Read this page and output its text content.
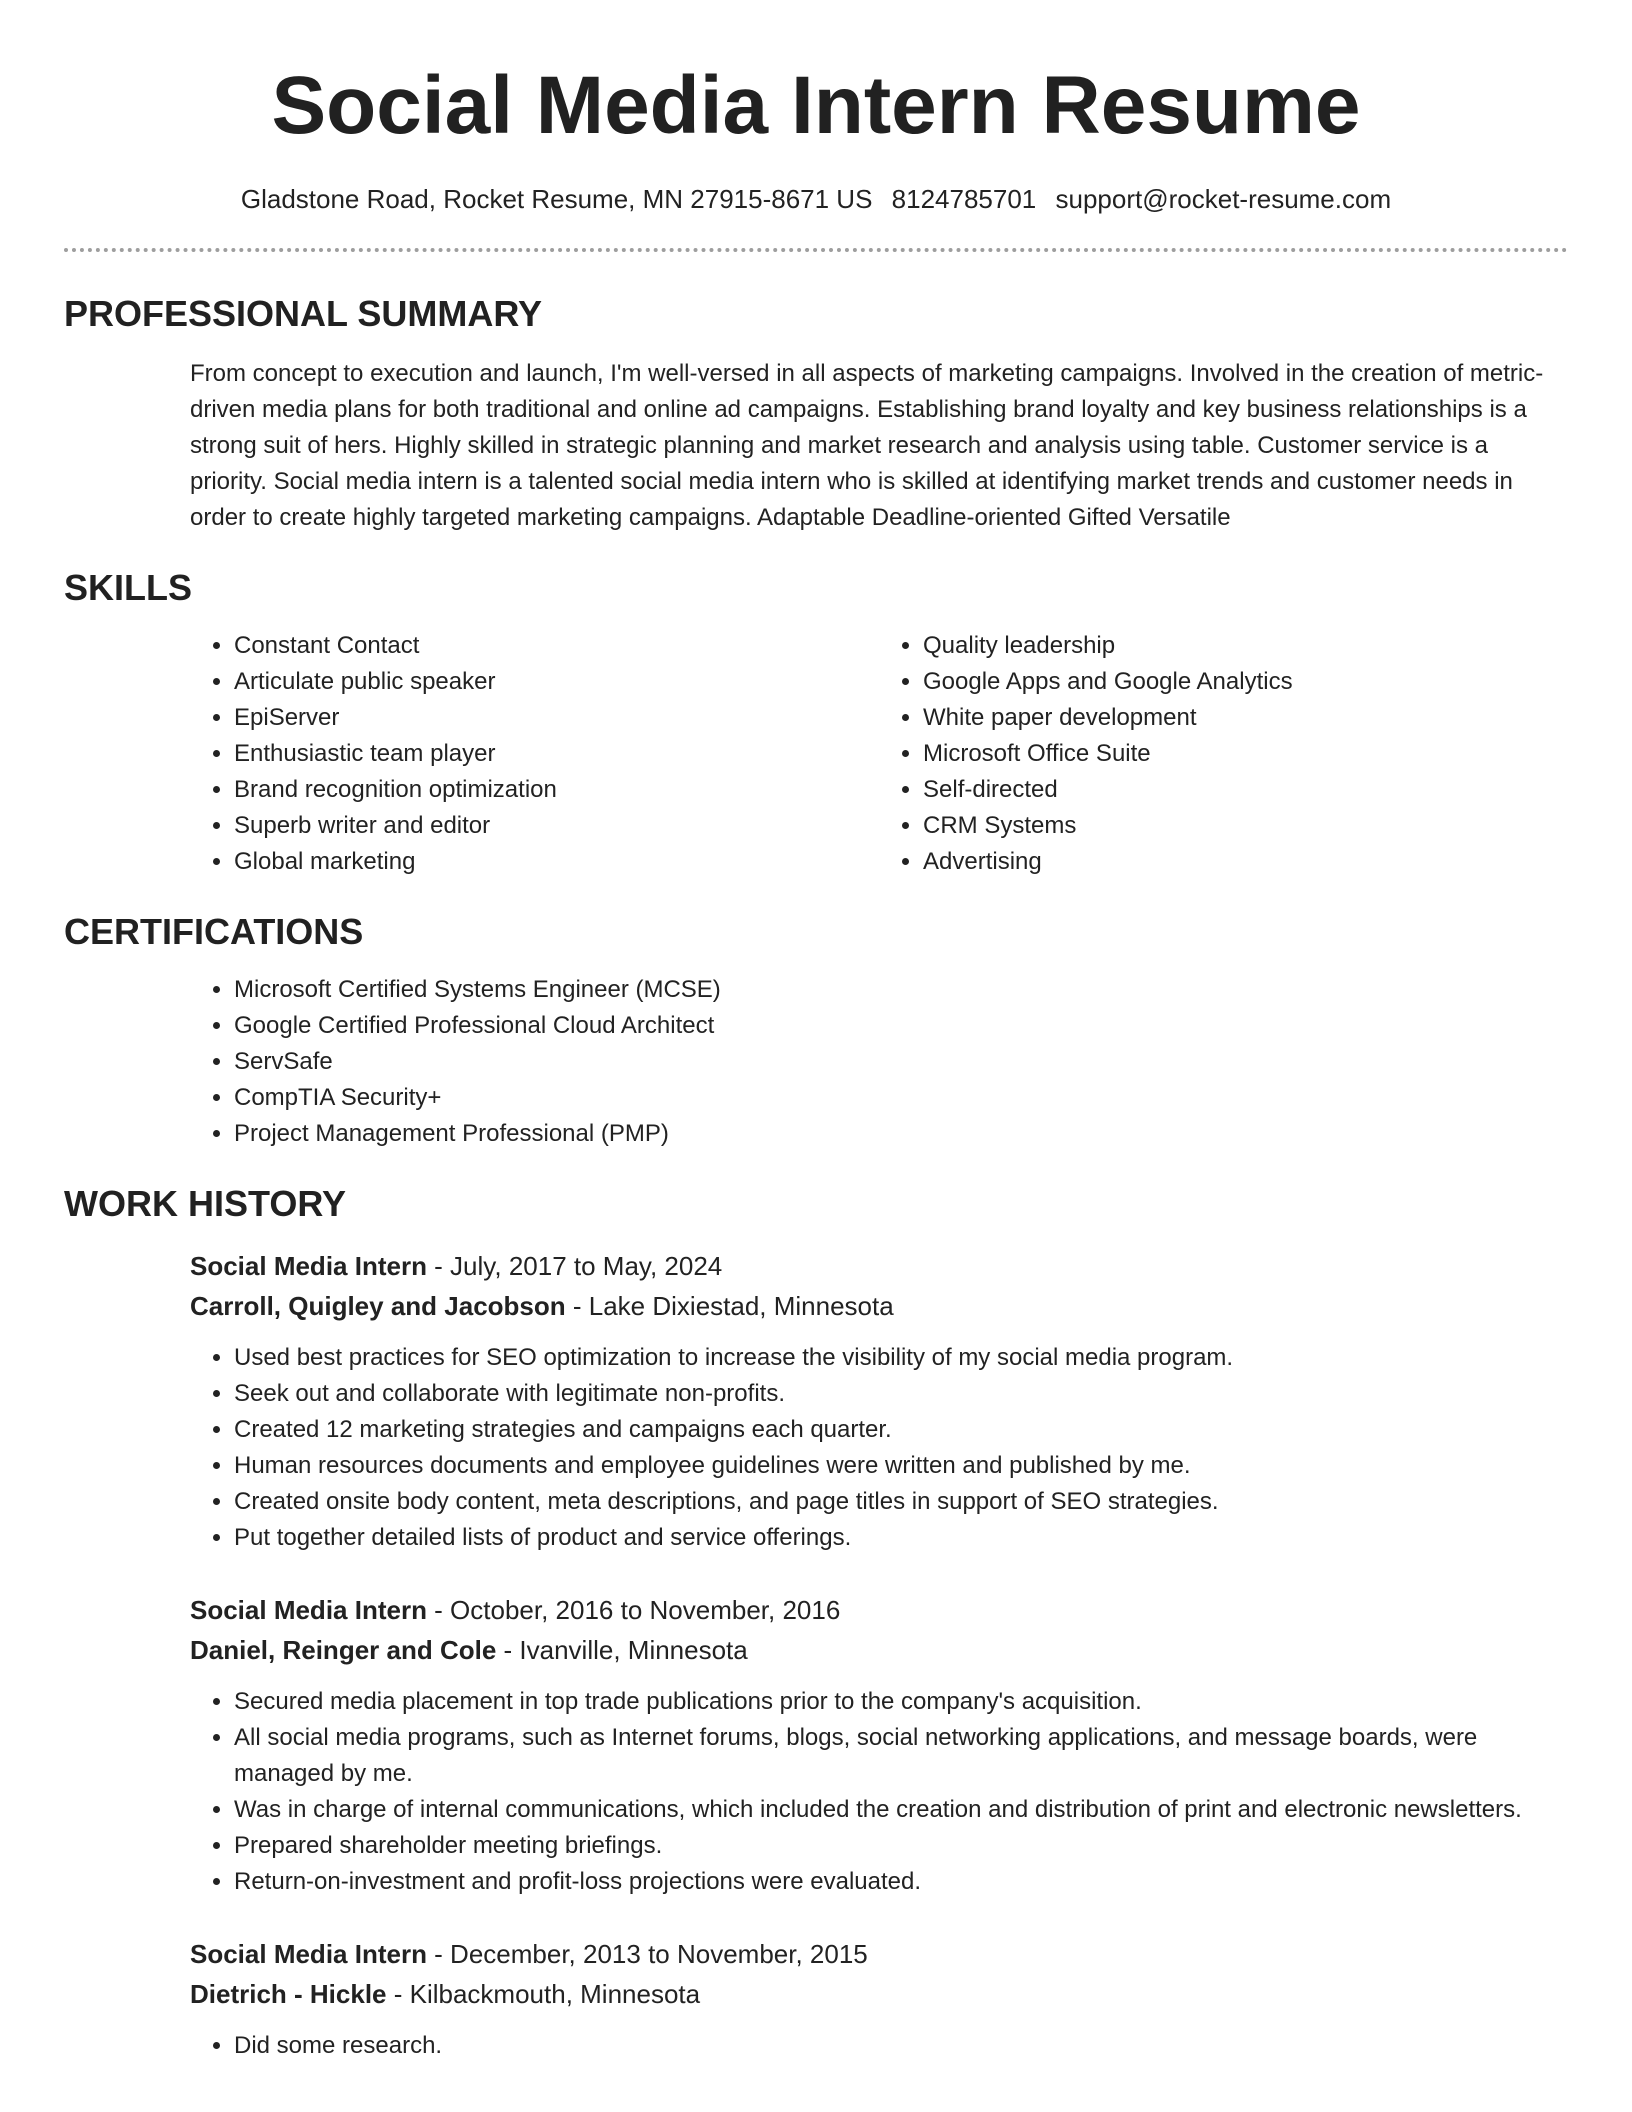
Social Media Intern Resume
Gladstone Road, Rocket Resume, MN 27915-8671 US 8124785701 support@rocket-resume.com
PROFESSIONAL SUMMARY
From concept to execution and launch, I'm well-versed in all aspects of marketing campaigns. Involved in the creation of metric-driven media plans for both traditional and online ad campaigns. Establishing brand loyalty and key business relationships is a strong suit of hers. Highly skilled in strategic planning and market research and analysis using table. Customer service is a priority. Social media intern is a talented social media intern who is skilled at identifying market trends and customer needs in order to create highly targeted marketing campaigns. Adaptable Deadline-oriented Gifted Versatile
SKILLS
• Constant Contact
• Articulate public speaker
• EpiServer
• Enthusiastic team player
• Brand recognition optimization
• Superb writer and editor
• Global marketing
• Quality leadership
• Google Apps and Google Analytics
• White paper development
• Microsoft Office Suite
• Self-directed
• CRM Systems
• Advertising
CERTIFICATIONS
• Microsoft Certified Systems Engineer (MCSE)
• Google Certified Professional Cloud Architect
• ServSafe
• CompTIA Security+
• Project Management Professional (PMP)
WORK HISTORY
Social Media Intern - July, 2017 to May, 2024
Carroll, Quigley and Jacobson - Lake Dixiestad, Minnesota
• Used best practices for SEO optimization to increase the visibility of my social media program.
• Seek out and collaborate with legitimate non-profits.
• Created 12 marketing strategies and campaigns each quarter.
• Human resources documents and employee guidelines were written and published by me.
• Created onsite body content, meta descriptions, and page titles in support of SEO strategies.
• Put together detailed lists of product and service offerings.
Social Media Intern - October, 2016 to November, 2016
Daniel, Reinger and Cole - Ivanville, Minnesota
• Secured media placement in top trade publications prior to the company's acquisition.
• All social media programs, such as Internet forums, blogs, social networking applications, and message boards, were managed by me.
• Was in charge of internal communications, which included the creation and distribution of print and electronic newsletters.
• Prepared shareholder meeting briefings.
• Return-on-investment and profit-loss projections were evaluated.
Social Media Intern - December, 2013 to November, 2015
Dietrich - Hickle - Kilbackmouth, Minnesota
• Did some research.
